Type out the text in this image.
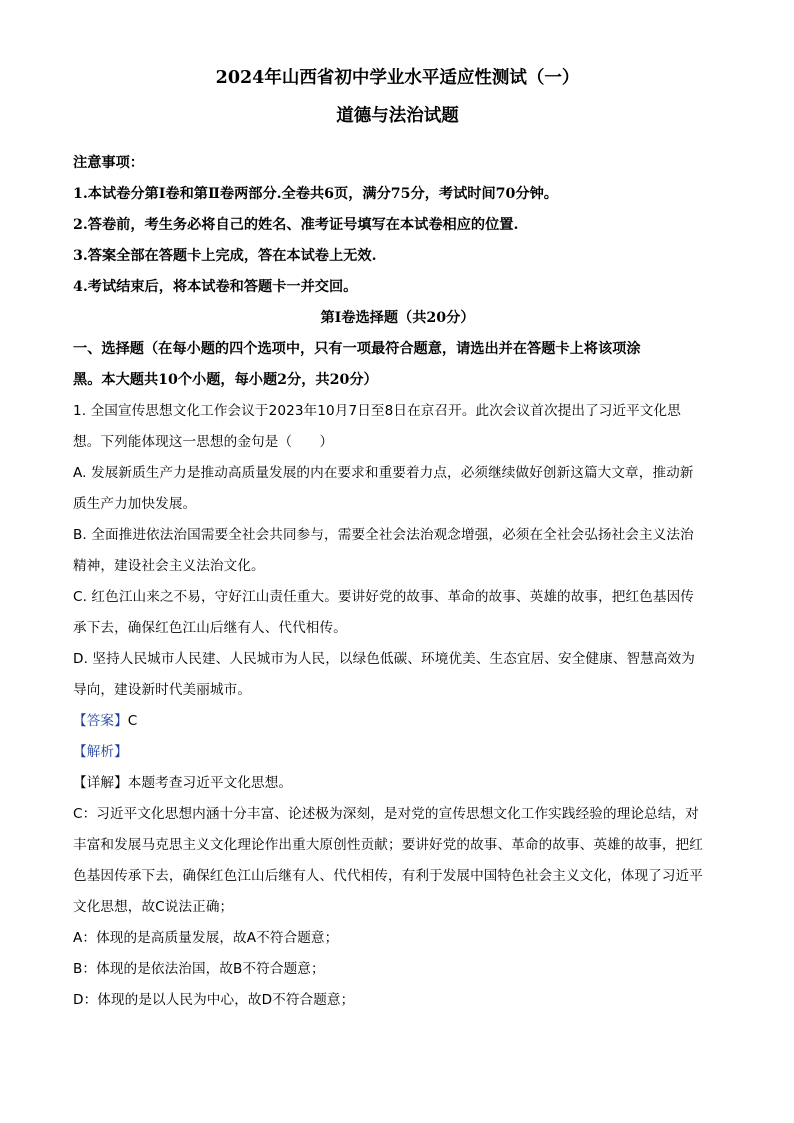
2024年山西省初中学业水平适应性测试（一）
道德与法治试题

注意事项：

1.本试卷分第Ⅰ卷和第Ⅱ卷两部分.全卷共6页，满分75分，考试时间70分钟。

2.答卷前，考生务必将自己的姓名、准考证号填写在本试卷相应的位置.

3.答案全部在答题卡上完成，答在本试卷上无效.

4.考试结束后，将本试卷和答题卡一并交回。

第Ⅰ卷选择题（共20分）

一、选择题（在每小题的四个选项中，只有一项最符合题意，请选出并在答题卡上将该项涂

黑。本大题共10个小题，每小题2分，共20分）

1. 全国宣传思想文化工作会议于2023年10月7日至8日在京召开。此次会议首次提出了习近平文化思

想。下列能体现这一思想的金句是（　　）

A. 发展新质生产力是推动高质量发展的内在要求和重要着力点，必须继续做好创新这篇大文章，推动新

质生产力加快发展。

B. 全面推进依法治国需要全社会共同参与，需要全社会法治观念增强，必须在全社会弘扬社会主义法治

精神，建设社会主义法治文化。

C. 红色江山来之不易，守好江山责任重大。要讲好党的故事、革命的故事、英雄的故事，把红色基因传

承下去，确保红色江山后继有人、代代相传。

D. 坚持人民城市人民建、人民城市为人民，以绿色低碳、环境优美、生态宜居、安全健康、智慧高效为

导向，建设新时代美丽城市。

【答案】C

【解析】

【详解】本题考查习近平文化思想。

C：习近平文化思想内涵十分丰富、论述极为深刻，是对党的宣传思想文化工作实践经验的理论总结，对

丰富和发展马克思主义文化理论作出重大原创性贡献；要讲好党的故事、革命的故事、英雄的故事，把红

色基因传承下去，确保红色江山后继有人、代代相传，有利于发展中国特色社会主义文化，体现了习近平

文化思想，故C说法正确；

A：体现的是高质量发展，故A不符合题意；

B：体现的是依法治国，故B不符合题意；

D：体现的是以人民为中心，故D不符合题意；
